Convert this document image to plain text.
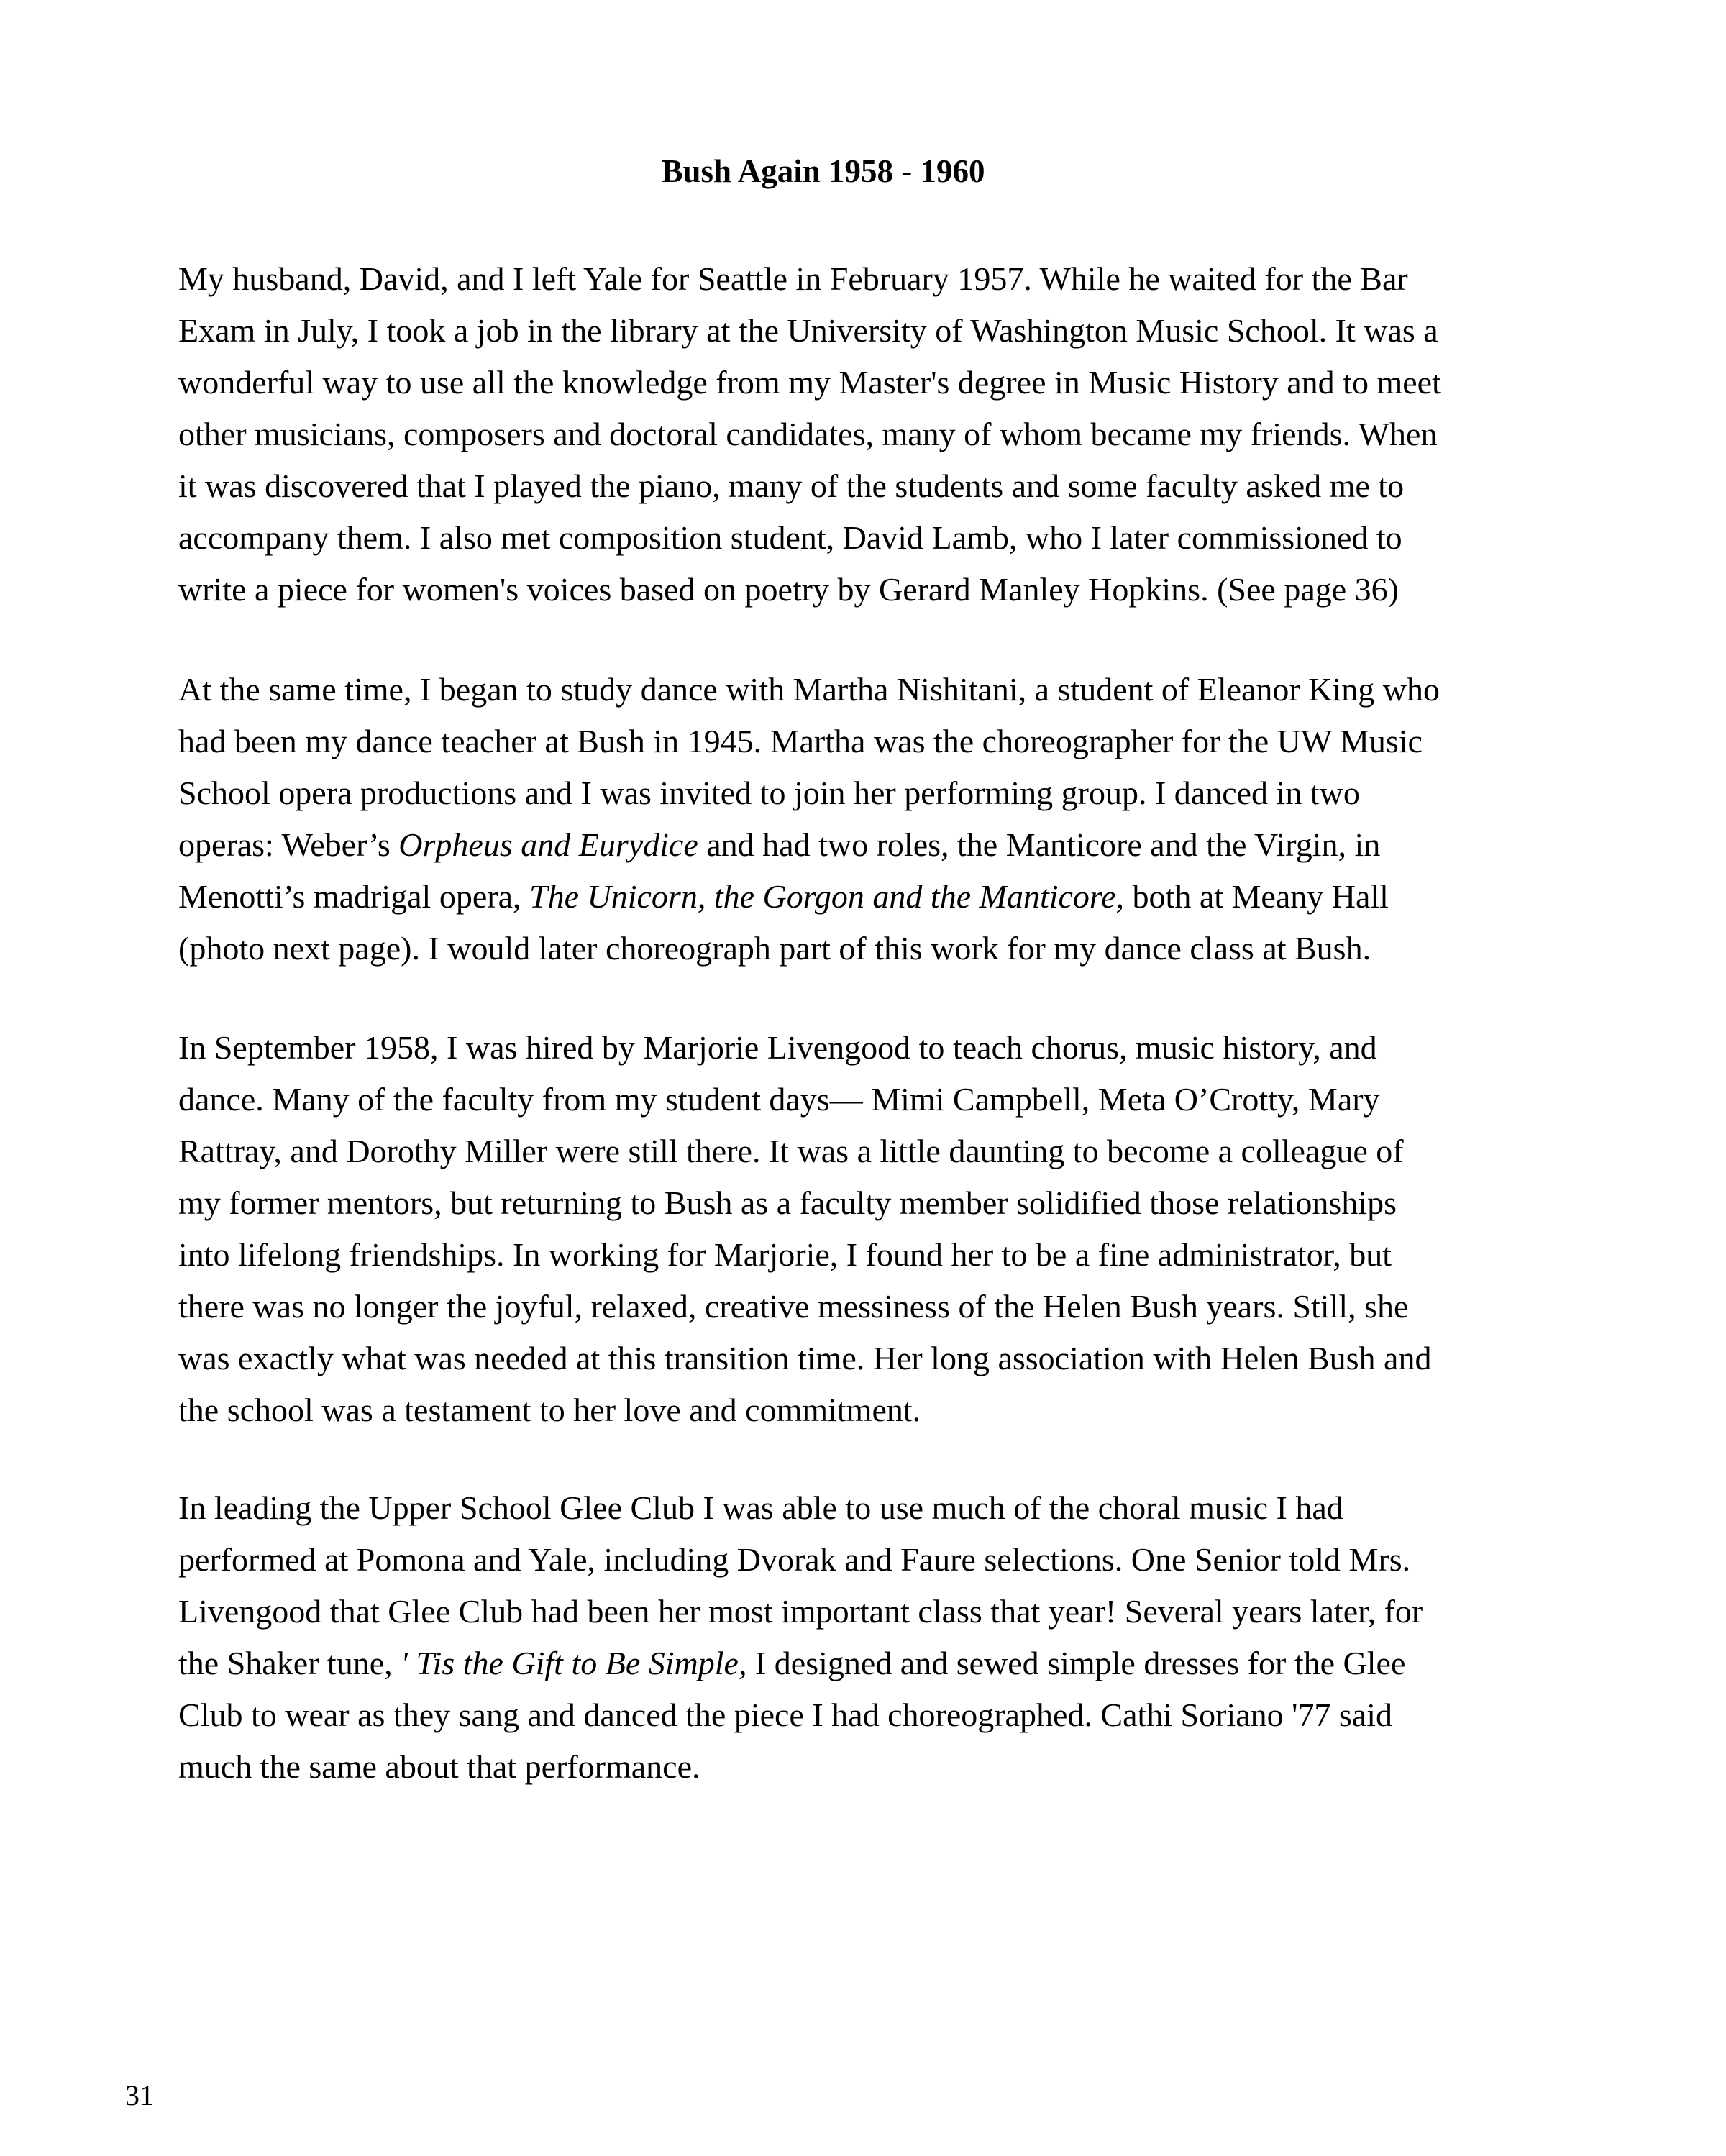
Bush Again 1958 - 1960

My husband, David, and I left Yale for Seattle in February 1957. While he waited for the Bar
Exam in July, I took a job in the library at the University of Washington Music School. It was a
wonderful way to use all the knowledge from my Master's degree in Music History and to meet
other musicians, composers and doctoral candidates, many of whom became my friends. When
it was discovered that I played the piano, many of the students and some faculty asked me to
accompany them. I also met composition student, David Lamb, who I later commissioned to
write a piece for women's voices based on poetry by Gerard Manley Hopkins. (See page 36)

At the same time, I began to study dance with Martha Nishitani, a student of Eleanor King who
had been my dance teacher at Bush in 1945. Martha was the choreographer for the UW Music
School opera productions and I was invited to join her performing group. I danced in two
operas: Weber’s Orpheus and Eurydice and had two roles, the Manticore and the Virgin, in
Menotti’s madrigal opera, The Unicorn, the Gorgon and the Manticore, both at Meany Hall
(photo next page). I would later choreograph part of this work for my dance class at Bush.

In September 1958, I was hired by Marjorie Livengood to teach chorus, music history, and
dance. Many of the faculty from my student days— Mimi Campbell, Meta O’Crotty, Mary
Rattray, and Dorothy Miller were still there. It was a little daunting to become a colleague of
my former mentors, but returning to Bush as a faculty member solidified those relationships
into lifelong friendships. In working for Marjorie, I found her to be a fine administrator, but
there was no longer the joyful, relaxed, creative messiness of the Helen Bush years. Still, she
was exactly what was needed at this transition time. Her long association with Helen Bush and
the school was a testament to her love and commitment.

In leading the Upper School Glee Club I was able to use much of the choral music I had
performed at Pomona and Yale, including Dvorak and Faure selections. One Senior told Mrs.
Livengood that Glee Club had been her most important class that year! Several years later, for
the Shaker tune, ' Tis the Gift to Be Simple, I designed and sewed simple dresses for the Glee
Club to wear as they sang and danced the piece I had choreographed. Cathi Soriano '77 said
much the same about that performance.

31
